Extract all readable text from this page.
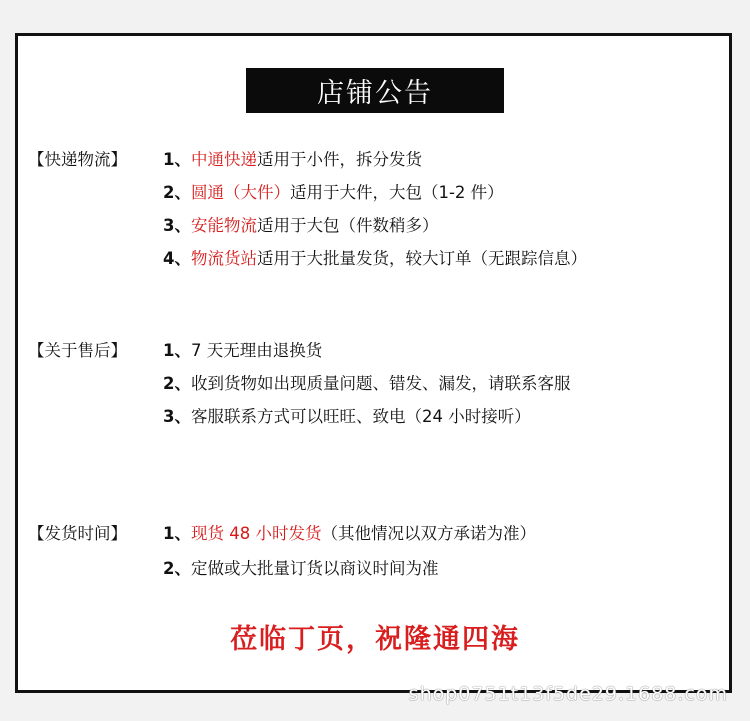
店铺公告
【快递物流】 1、中通快递适用于小件，拆分发货
2、圆通（大件）适用于大件，大包（1-2 件）
3、安能物流适用于大包（件数稍多）
4、物流货站适用于大批量发货，较大订单（无跟踪信息）
【关于售后】 1、7 天无理由退换货
2、收到货物如出现质量问题、错发、漏发，请联系客服
3、客服联系方式可以旺旺、致电（24 小时接听）
【发货时间】 1、现货 48 小时发货（其他情况以双方承诺为准）
2、定做或大批量订货以商议时间为准
莅临丁页，祝隆通四海
shop0751t13f5de29.1688.com
